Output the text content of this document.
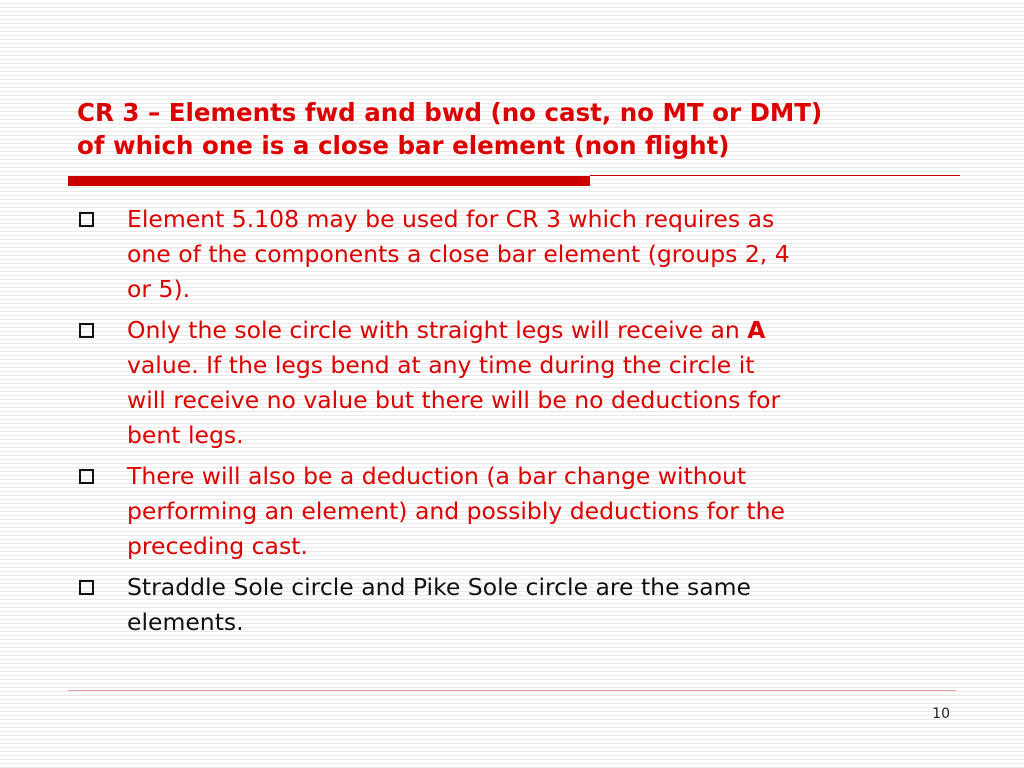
CR 3 – Elements fwd and bwd (no cast, no MT or DMT)
of which one is a close bar element (non flight)
Element 5.108 may be used for CR 3 which requires as
one of the components a close bar element (groups 2, 4
or 5).
Only the sole circle with straight legs will receive an A
value. If the legs bend at any time during the circle it
will receive no value but there will be no deductions for
bent legs.
There will also be a deduction (a bar change without
performing an element) and possibly deductions for the
preceding cast.
Straddle Sole circle and Pike Sole circle are the same
elements.
10
